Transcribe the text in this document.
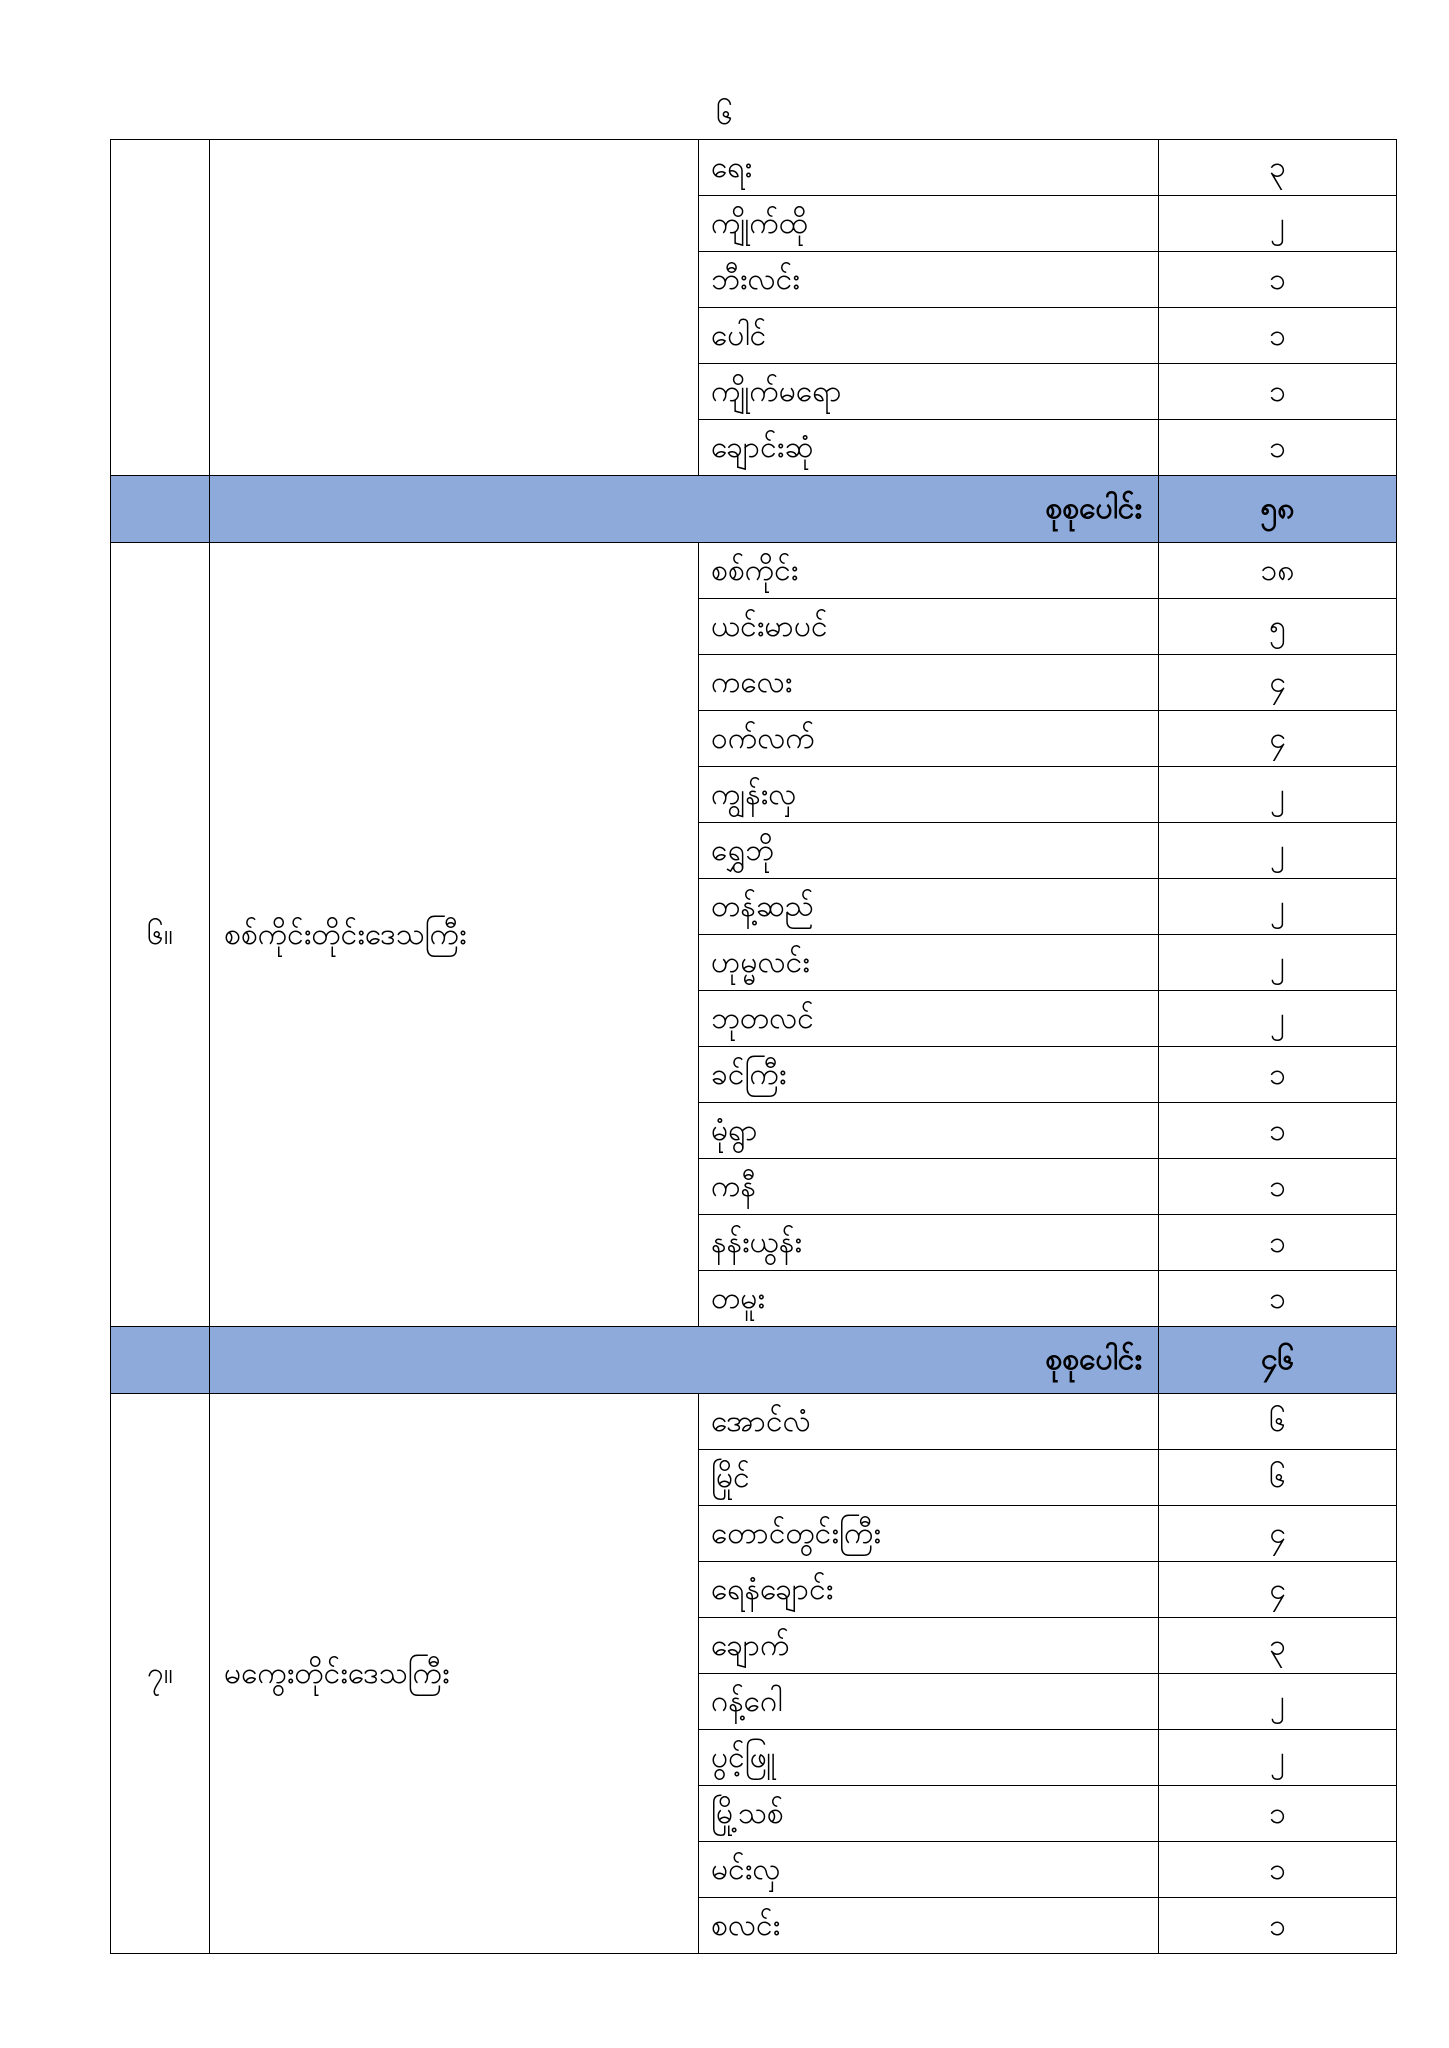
၆
		ရေး	၃
		ကျိုက်ထို	၂
		ဘီးလင်း	၁
		ပေါင်	၁
		ကျိုက်မရော	၁
		ချောင်းဆုံ	၁
	စုစုပေါင်း		၅၈
၆။	စစ်ကိုင်းတိုင်းဒေသကြီး	စစ်ကိုင်း	၁၈
		ယင်းမာပင်	၅
		ကလေး	၄
		ဝက်လက်	၄
		ကျွန်းလှ	၂
		ရွှေဘို	၂
		တန့်ဆည်	၂
		ဟုမ္မလင်း	၂
		ဘုတလင်	၂
		ခင်ကြီး	၁
		မုံရွာ	၁
		ကနီ	၁
		နန်းယွန်း	၁
		တမူး	၁
	စုစုပေါင်း		၄၆
၇။	မကွေးတိုင်းဒေသကြီး	အောင်လံ	၆
		မြိုင်	၆
		တောင်တွင်းကြီး	၄
		ရေနံချောင်း	၄
		ချောက်	၃
		ဂန့်ဂေါ	၂
		ပွင့်ဖြူ	၂
		မြို့သစ်	၁
		မင်းလှ	၁
		စလင်း	၁
